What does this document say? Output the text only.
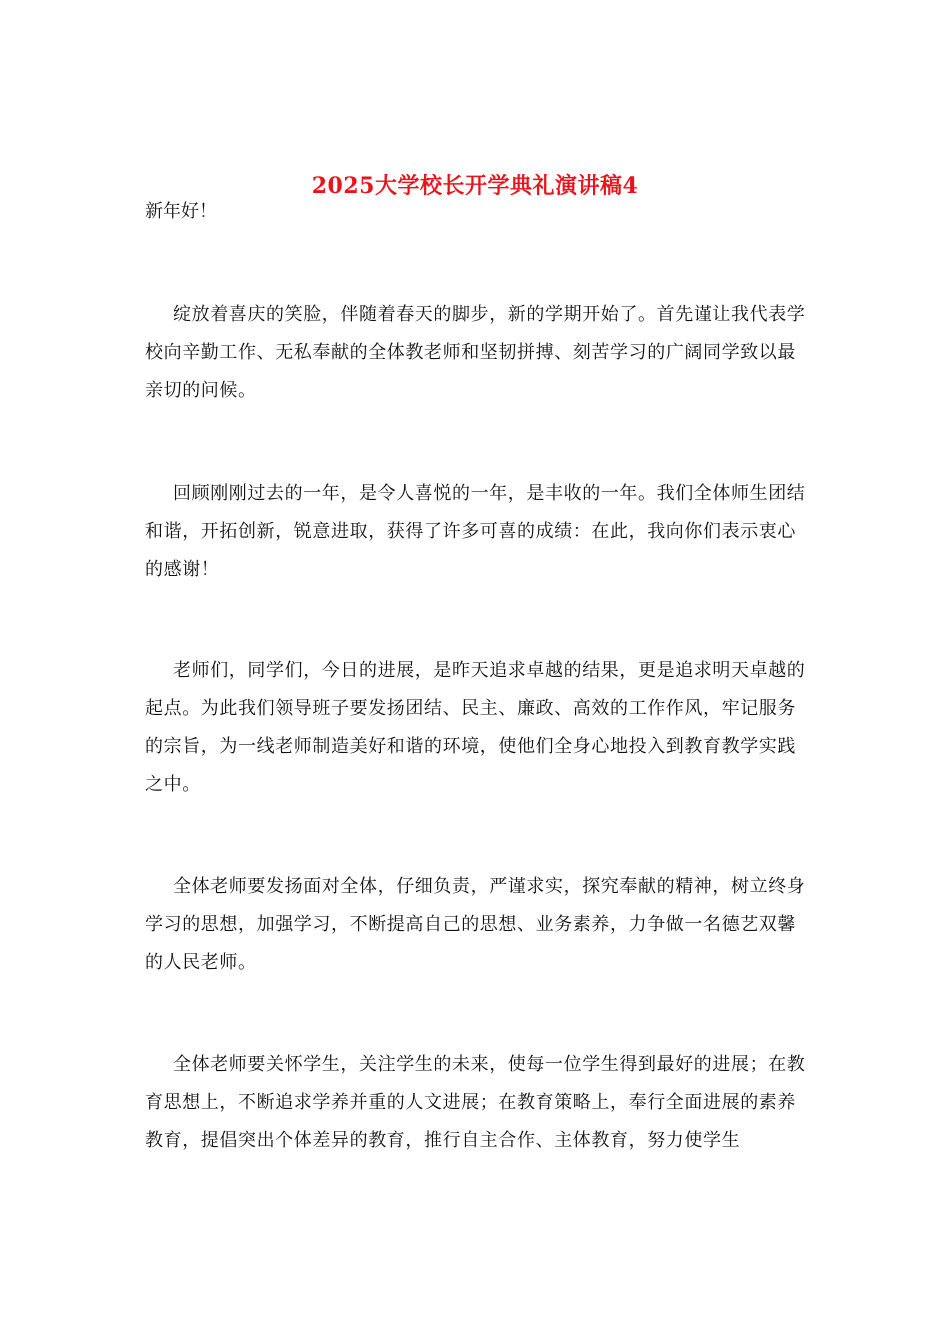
2025大学校长开学典礼演讲稿4
新年好！

绽放着喜庆的笑脸，伴随着春天的脚步，新的学期开始了。首先谨让我代表学校向辛勤工作、无私奉献的全体教老师和坚韧拼搏、刻苦学习的广阔同学致以最亲切的问候。

回顾刚刚过去的一年，是令人喜悦的一年，是丰收的一年。我们全体师生团结和谐，开拓创新，锐意进取，获得了许多可喜的成绩：在此，我向你们表示衷心的感谢！

老师们，同学们，今日的进展，是昨天追求卓越的结果，更是追求明天卓越的起点。为此我们领导班子要发扬团结、民主、廉政、高效的工作作风，牢记服务的宗旨，为一线老师制造美好和谐的环境，使他们全身心地投入到教育教学实践之中。

全体老师要发扬面对全体，仔细负责，严谨求实，探究奉献的精神，树立终身学习的思想，加强学习，不断提高自己的思想、业务素养，力争做一名德艺双馨的人民老师。

全体老师要关怀学生，关注学生的未来，使每一位学生得到最好的进展；在教育思想上，不断追求学养并重的人文进展；在教育策略上，奉行全面进展的素养教育，提倡突出个体差异的教育，推行自主合作、主体教育，努力使学生
